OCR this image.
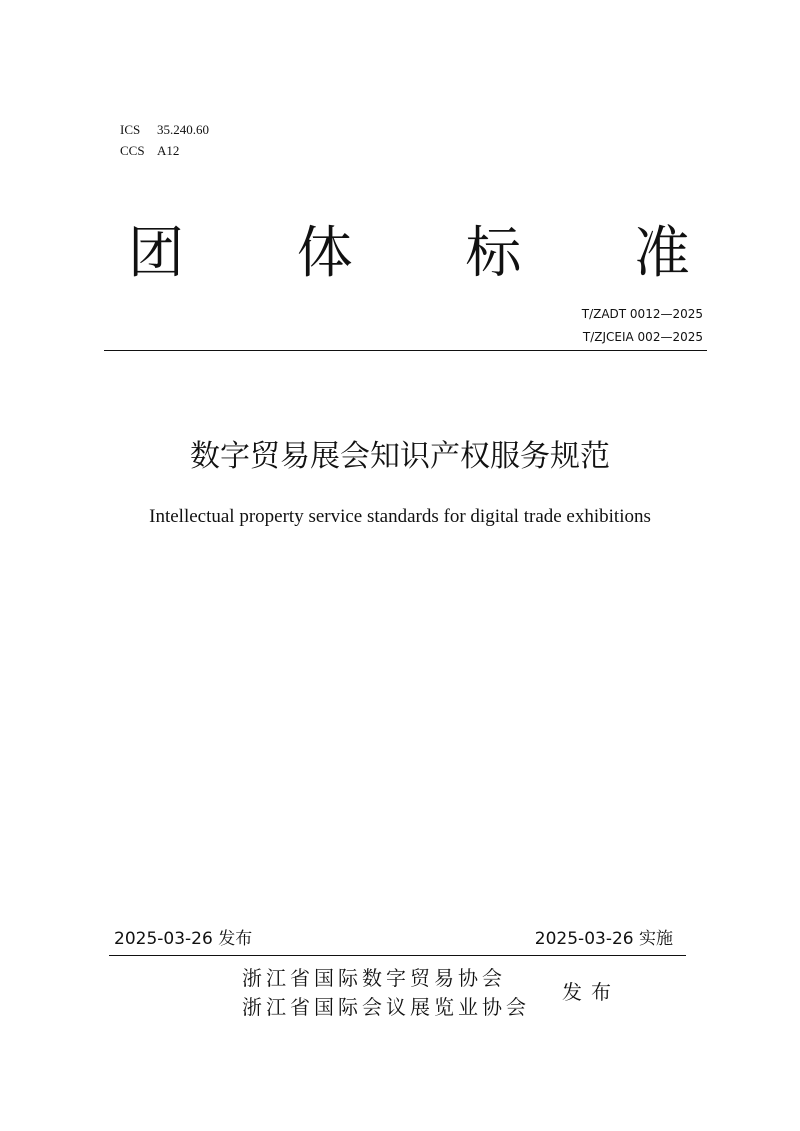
ICS 35.240.60
CCS A12
团 体 标 准
T/ZADT 0012—2025
T/ZJCEIA 002—2025
数字贸易展会知识产权服务规范
Intellectual property service standards for digital trade exhibitions
2025-03-26 发布	2025-03-26 实施
浙江省国际数字贸易协会
浙江省国际会议展览业协会
发布
